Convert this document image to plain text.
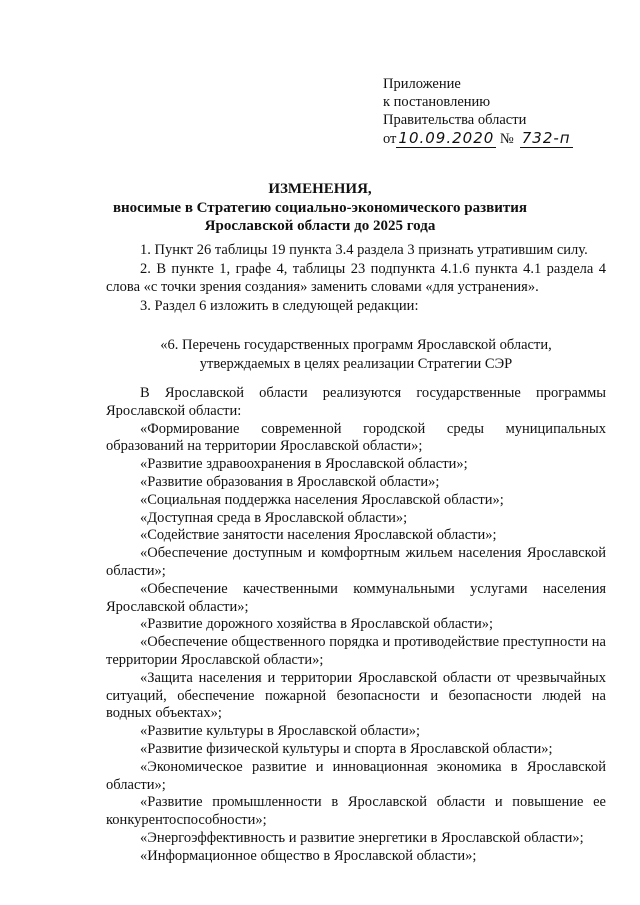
Приложение
к постановлению
Правительства области
от 10.09.2020 № 732-п
ИЗМЕНЕНИЯ,
вносимые в Стратегию социально-экономического развития
Ярославской области до 2025 года

1. Пункт 26 таблицы 19 пункта 3.4 раздела 3 признать утратившим силу.

2. В пункте 1, графе 4, таблицы 23 подпункта 4.1.6 пункта 4.1 раздела 4 слова «с точки зрения создания» заменить словами «для устранения».

3. Раздел 6 изложить в следующей редакции:

«6. Перечень государственных программ Ярославской области,
утверждаемых в целях реализации Стратегии СЭР

В Ярославской области реализуются государственные программы Ярославской области:

«Формирование современной городской среды муниципальных образований на территории Ярославской области»;

«Развитие здравоохранения в Ярославской области»;

«Развитие образования в Ярославской области»;

«Социальная поддержка населения Ярославской области»;

«Доступная среда в Ярославской области»;

«Содействие занятости населения Ярославской области»;

«Обеспечение доступным и комфортным жильем населения Ярославской области»;

«Обеспечение качественными коммунальными услугами населения Ярославской области»;

«Развитие дорожного хозяйства в Ярославской области»;

«Обеспечение общественного порядка и противодействие преступности на территории Ярославской области»;

«Защита населения и территории Ярославской области от чрезвычайных ситуаций, обеспечение пожарной безопасности и безопасности людей на водных объектах»;

«Развитие культуры в Ярославской области»;

«Развитие физической культуры и спорта в Ярославской области»;

«Экономическое развитие и инновационная экономика в Ярославской области»;

«Развитие промышленности в Ярославской области и повышение ее конкурентоспособности»;

«Энергоэффективность и развитие энергетики в Ярославской области»;

«Информационное общество в Ярославской области»;
